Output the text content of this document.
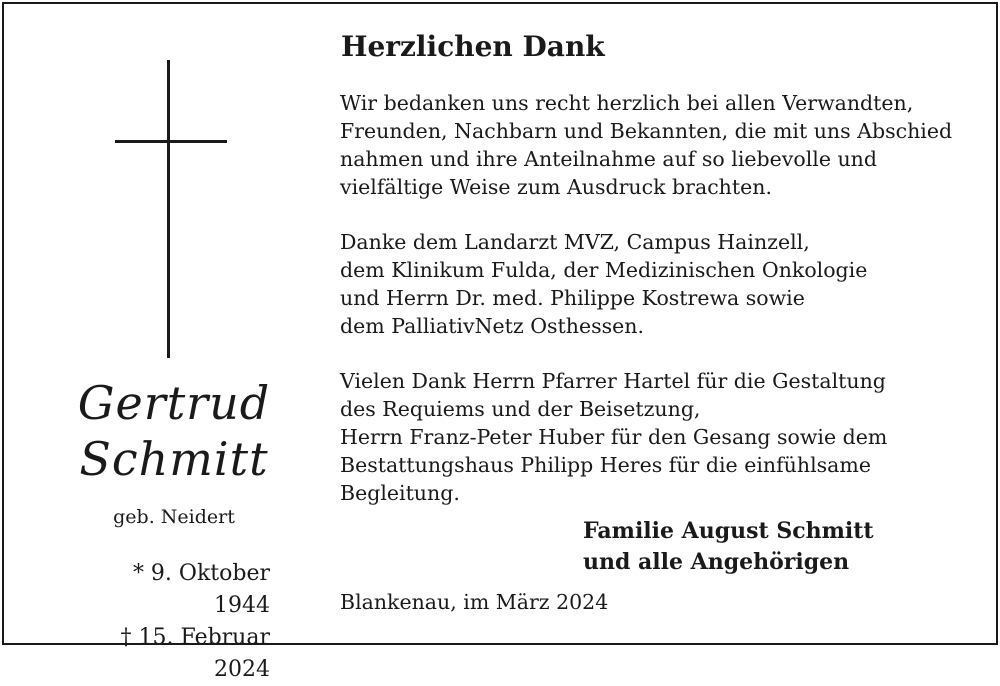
Gertrud
Schmitt
geb. Neidert
* 9. Oktober 1944
† 15. Februar 2024
Herzlichen Dank

Wir bedanken uns recht herzlich bei allen Verwandten,
Freunden, Nachbarn und Bekannten, die mit uns Abschied
nahmen und ihre Anteilnahme auf so liebevolle und
vielfältige Weise zum Ausdruck brachten.

Danke dem Landarzt MVZ, Campus Hainzell,
dem Klinikum Fulda, der Medizinischen Onkologie
und Herrn Dr. med. Philippe Kostrewa sowie
dem PalliativNetz Osthessen.

Vielen Dank Herrn Pfarrer Hartel für die Gestaltung
des Requiems und der Beisetzung,
Herrn Franz-Peter Huber für den Gesang sowie dem
Bestattungshaus Philipp Heres für die einfühlsame
Begleitung.

Familie August Schmitt
und alle Angehörigen
Blankenau, im März 2024
